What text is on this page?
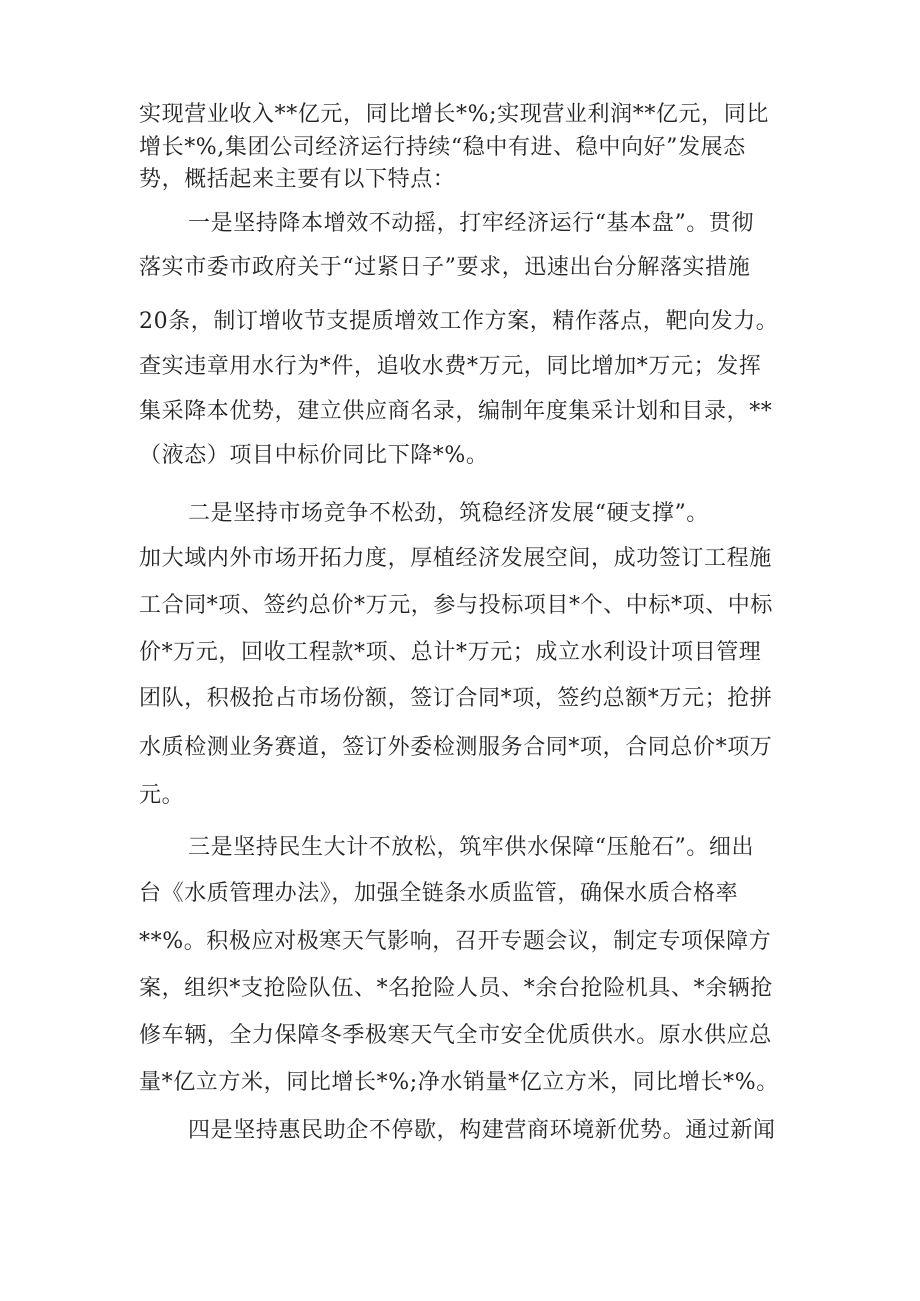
实现营业收入**亿元，同比增长*%;实现营业利润**亿元，同比
增长*%,集团公司经济运行持续“稳中有进、稳中向好”发展态
势，概括起来主要有以下特点：
一是坚持降本增效不动摇，打牢经济运行“基本盘”。贯彻
落实市委市政府关于“过紧日子”要求，迅速出台分解落实措施
20条，制订增收节支提质增效工作方案，精作落点，靶向发力。
查实违章用水行为*件，追收水费*万元，同比增加*万元；发挥
集采降本优势，建立供应商名录，编制年度集采计划和目录，**
（液态）项目中标价同比下降*%。
二是坚持市场竞争不松劲，筑稳经济发展“硬支撑”。
加大域内外市场开拓力度，厚植经济发展空间，成功签订工程施
工合同*项、签约总价*万元，参与投标项目*个、中标*项、中标
价*万元，回收工程款*项、总计*万元；成立水利设计项目管理
团队，积极抢占市场份额，签订合同*项，签约总额*万元；抢拼
水质检测业务赛道，签订外委检测服务合同*项，合同总价*项万
元。
三是坚持民生大计不放松，筑牢供水保障“压舱石”。细出
台《水质管理办法》，加强全链条水质监管，确保水质合格率
**%。积极应对极寒天气影响，召开专题会议，制定专项保障方
案，组织*支抢险队伍、*名抢险人员、*余台抢险机具、*余辆抢
修车辆，全力保障冬季极寒天气全市安全优质供水。原水供应总
量*亿立方米，同比增长*%;净水销量*亿立方米，同比增长*%。
四是坚持惠民助企不停歇，构建营商环境新优势。通过新闻
